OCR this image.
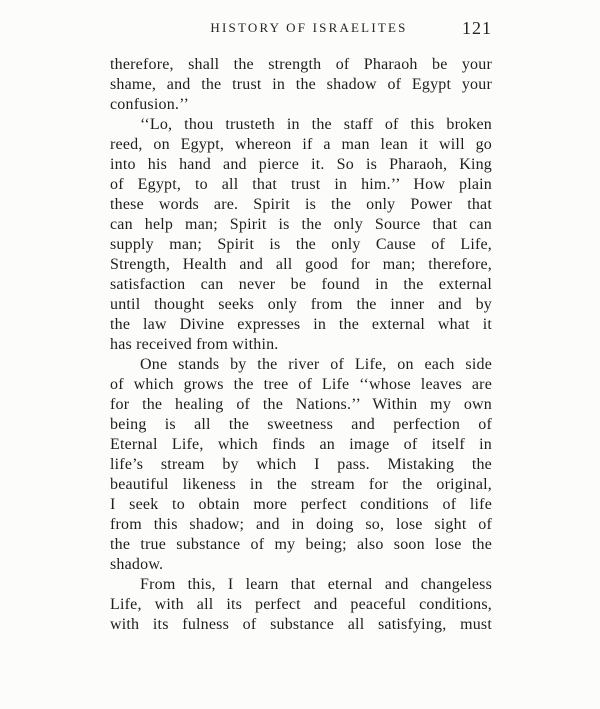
HISTORY OF ISRAELITES	121
therefore, shall the strength of Pharaoh be your
shame, and the trust in the shadow of Egypt your
confusion.’’
‘‘Lo, thou trusteth in the staff of this broken
reed, on Egypt, whereon if a man lean it will go
into his hand and pierce it. So is Pharaoh, King
of Egypt, to all that trust in him.’’ How plain
these words are. Spirit is the only Power that
can help man; Spirit is the only Source that can
supply man; Spirit is the only Cause of Life,
Strength, Health and all good for man; therefore,
satisfaction can never be found in the external
until thought seeks only from the inner and by
the law Divine expresses in the external what it
has received from within.
One stands by the river of Life, on each side
of which grows the tree of Life ‘‘whose leaves are
for the healing of the Nations.’’ Within my own
being is all the sweetness and perfection of
Eternal Life, which finds an image of itself in
life’s stream by which I pass. Mistaking the
beautiful likeness in the stream for the original,
I seek to obtain more perfect conditions of life
from this shadow; and in doing so, lose sight of
the true substance of my being; also soon lose the
shadow.
From this, I learn that eternal and changeless
Life, with all its perfect and peaceful conditions,
with its fulness of substance all satisfying, must
